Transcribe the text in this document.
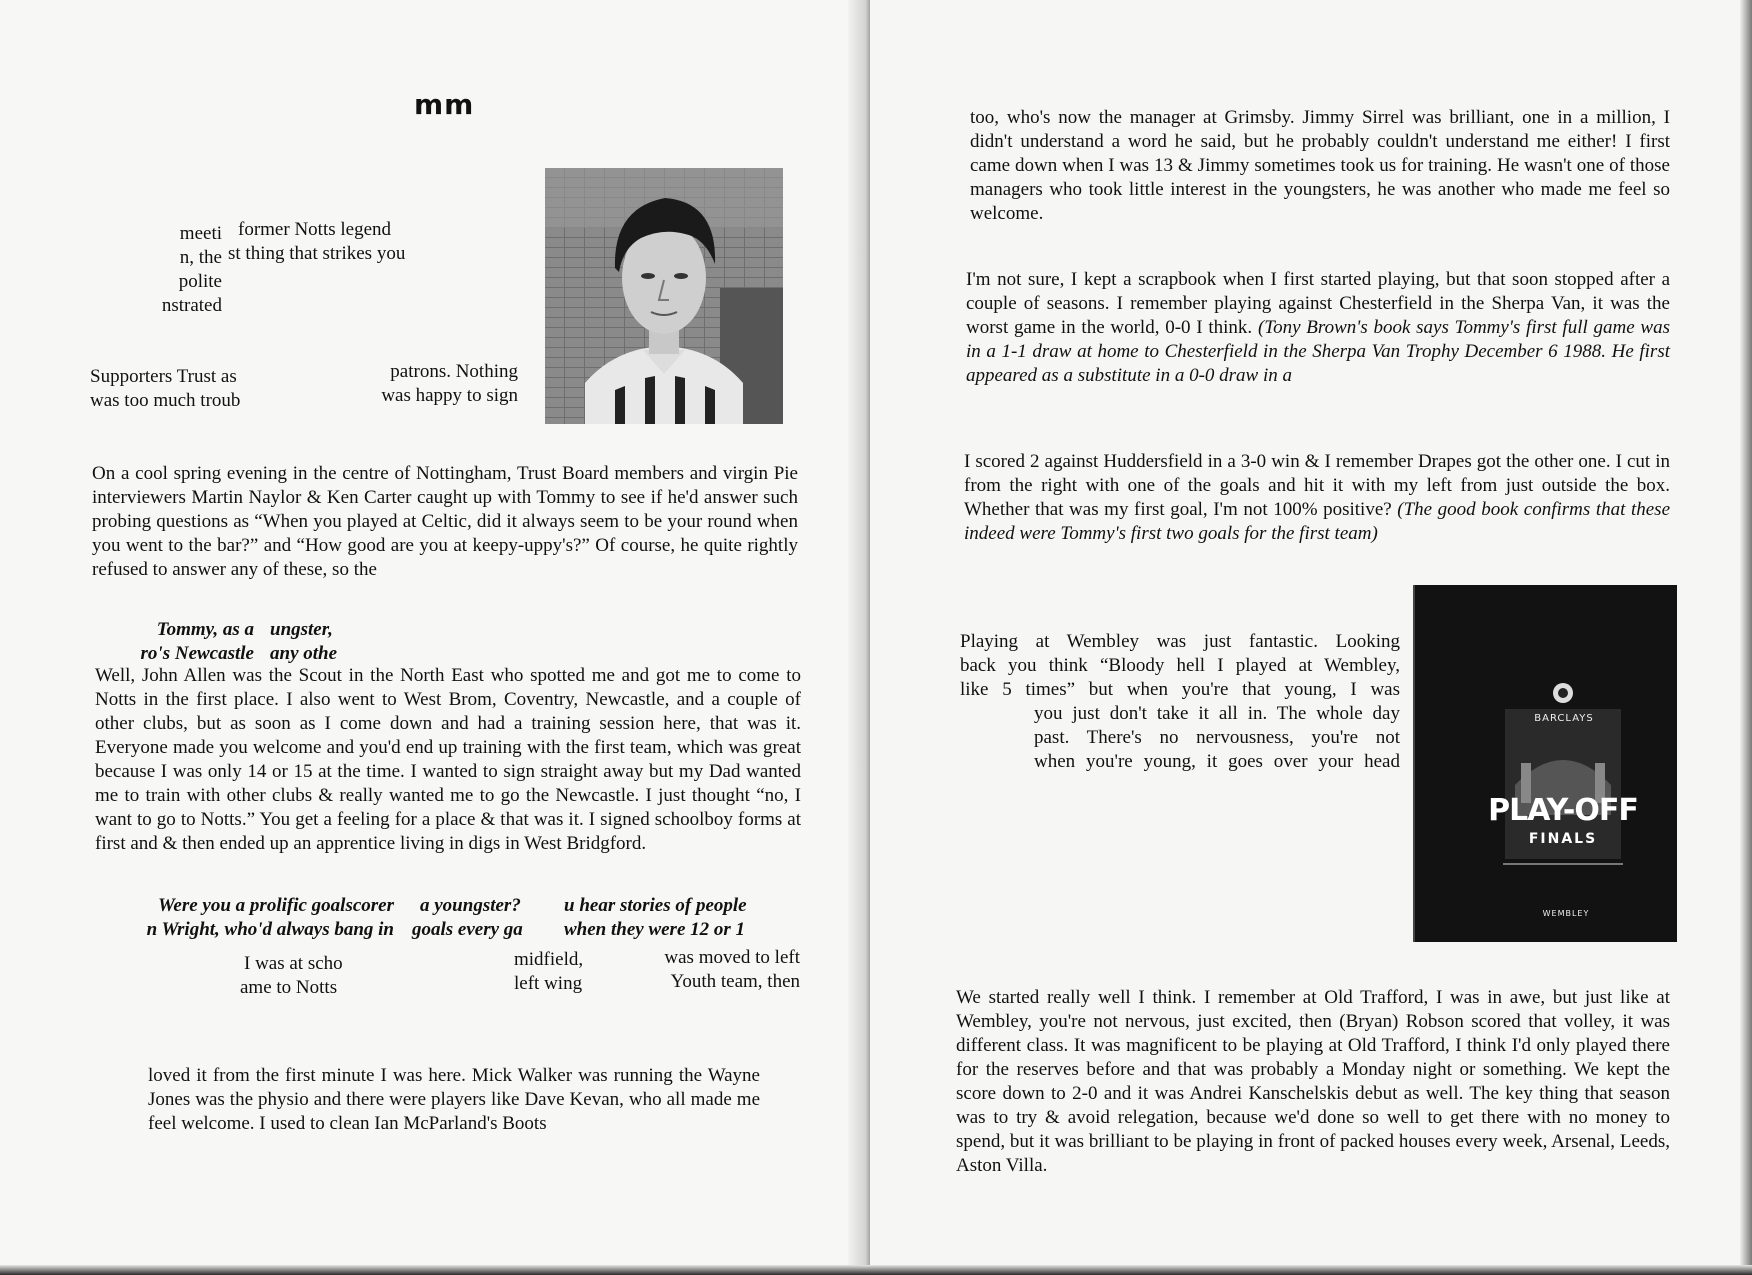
mm
meeti
n, the
polite
nstrated
former Notts legend
st thing that strikes you
Supporters Trust as
was too much troub
patrons. Nothing
was happy to sign

On a cool spring evening in the centre of Nottingham, Trust Board members and virgin Pie interviewers Martin Naylor & Ken Carter caught up with Tommy to see if he'd answer such probing questions as “When you played at Celtic, did it always seem to be your round when you went to the bar?” and “How good are you at keepy-uppy's?” Of course, he quite rightly refused to answer any of these, so the

Tommy, as a
ro's Newcastle
ungster,
any othe

Well, John Allen was the Scout in the North East who spotted me and got me to come to Notts in the first place. I also went to West Brom, Coventry, Newcastle, and a couple of other clubs, but as soon as I come down and had a training session here, that was it. Everyone made you welcome and you'd end up training with the first team, which was great because I was only 14 or 15 at the time. I wanted to sign straight away but my Dad wanted me to train with other clubs & really wanted me to go the Newcastle. I just thought “no, I want to go to Notts.” You get a feeling for a place & that was it. I signed schoolboy forms at first and & then ended up an apprentice living in digs in West Bridgford.

Were you a prolific goalscorer
n Wright, who'd always bang in
a youngster?
goals every ga
u hear stories of people
when they were 12 or 1
I was at scho
ame to Notts
midfield,
left wing
was moved to left
Youth team, then

loved it from the first minute I was here. Mick Walker was running the Wayne Jones was the physio and there were players like Dave Kevan, who all made me feel welcome. I used to clean Ian McParland's Boots

too, who's now the manager at Grimsby. Jimmy Sirrel was brilliant, one in a million, I didn't understand a word he said, but he probably couldn't understand me either! I first came down when I was 13 & Jimmy sometimes took us for training. He wasn't one of those managers who took little interest in the youngsters, he was another who made me feel so welcome.

I'm not sure, I kept a scrapbook when I first started playing, but that soon stopped after a couple of seasons. I remember playing against Chesterfield in the Sherpa Van, it was the worst game in the world, 0-0 I think. (Tony Brown's book says Tommy's first full game was in a 1-1 draw at home to Chesterfield in the Sherpa Van Trophy December 6 1988. He first appeared as a substitute in a 0-0 draw in a

I scored 2 against Huddersfield in a 3-0 win & I remember Drapes got the other one. I cut in from the right with one of the goals and hit it with my left from just outside the box. Whether that was my first goal, I'm not 100% positive? (The good book confirms that these indeed were Tommy's first two goals for the first team)

Playing at Wembley was just fantastic. Looking
back you think “Bloody hell I played at Wembley,
like 5 times” but when you're that young, I was
you just don't take it all in. The whole day
past. There's no nervousness, you're not
when you're young, it goes over your head

We started really well I think. I remember at Old Trafford, I was in awe, but just like at Wembley, you're not nervous, just excited, then (Bryan) Robson scored that volley, it was different class. It was magnificent to be playing at Old Trafford, I think I'd only played there for the reserves before and that was probably a Monday night or something. We kept the score down to 2-0 and it was Andrei Kanschelskis debut as well. The key thing that season was to try & avoid relegation, because we'd done so well to get there with no money to spend, but it was brilliant to be playing in front of packed houses every week, Arsenal, Leeds, Aston Villa.

BARCLAYS
PLAY-OFF
FINALS
WEMBLEY
